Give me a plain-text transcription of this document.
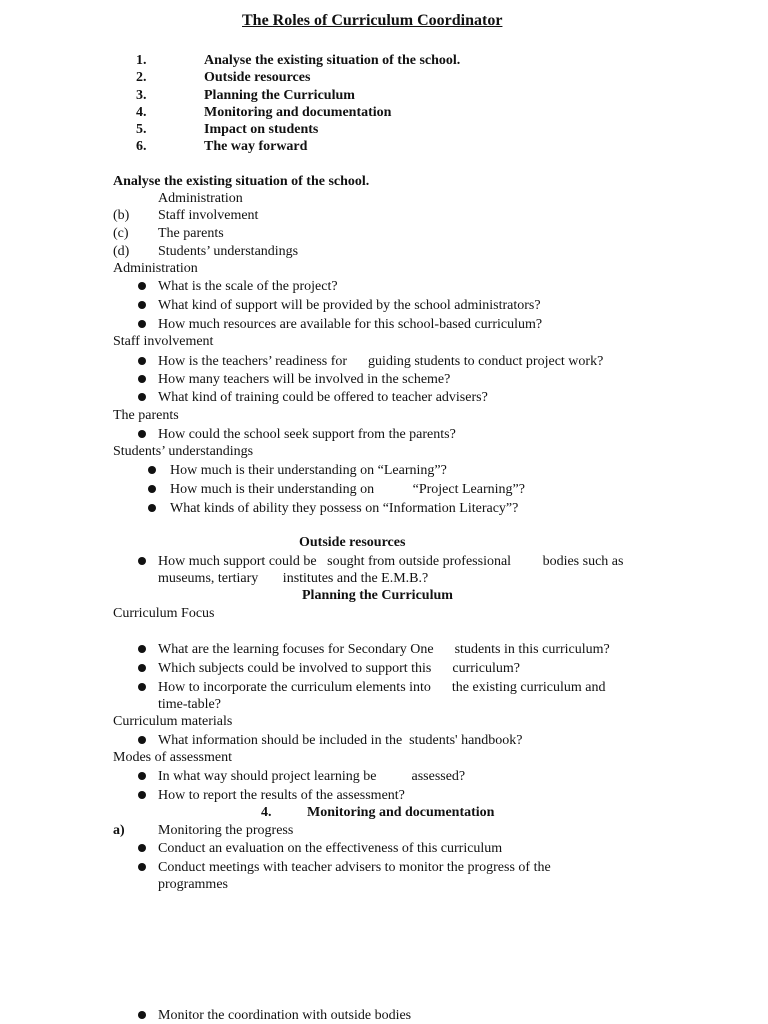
The Roles of Curriculum Coordinator
1.	Analyse the existing situation of the school.
2.	Outside resources
3.	Planning the Curriculum
4.	Monitoring and documentation
5.	Impact on students
6.	The way forward
Analyse the existing situation of the school.
Administration
(b) Staff involvement
(c) The parents
(d) Students’ understandings
Administration
What is the scale of the project?
What kind of support will be provided by the school administrators?
How much resources are available for this school-based curriculum?
Staff involvement
How is the teachers’ readiness for      guiding students to conduct project work?
How many teachers will be involved in the scheme?
What kind of training could be offered to teacher advisers?
The parents
How could the school seek support from the parents?
Students’ understandings
How much is their understanding on “Learning”?
How much is their understanding on           “Project Learning”?
What kinds of ability they possess on “Information Literacy”?
Outside resources
How much support could be   sought from outside professional         bodies such as
museums, tertiary       institutes and the E.M.B.?
Planning the Curriculum
Curriculum Focus
What are the learning focuses for Secondary One      students in this curriculum?
Which subjects could be involved to support this      curriculum?
How to incorporate the curriculum elements into      the existing curriculum and
time-table?
Curriculum materials
What information should be included in the  students' handbook?
Modes of assessment
In what way should project learning be          assessed?
How to report the results of the assessment?
4.	Monitoring and documentation
a) Monitoring the progress
Conduct an evaluation on the effectiveness of this curriculum
Conduct meetings with teacher advisers to monitor the progress of the
programmes
Monitor the coordination with outside bodies
